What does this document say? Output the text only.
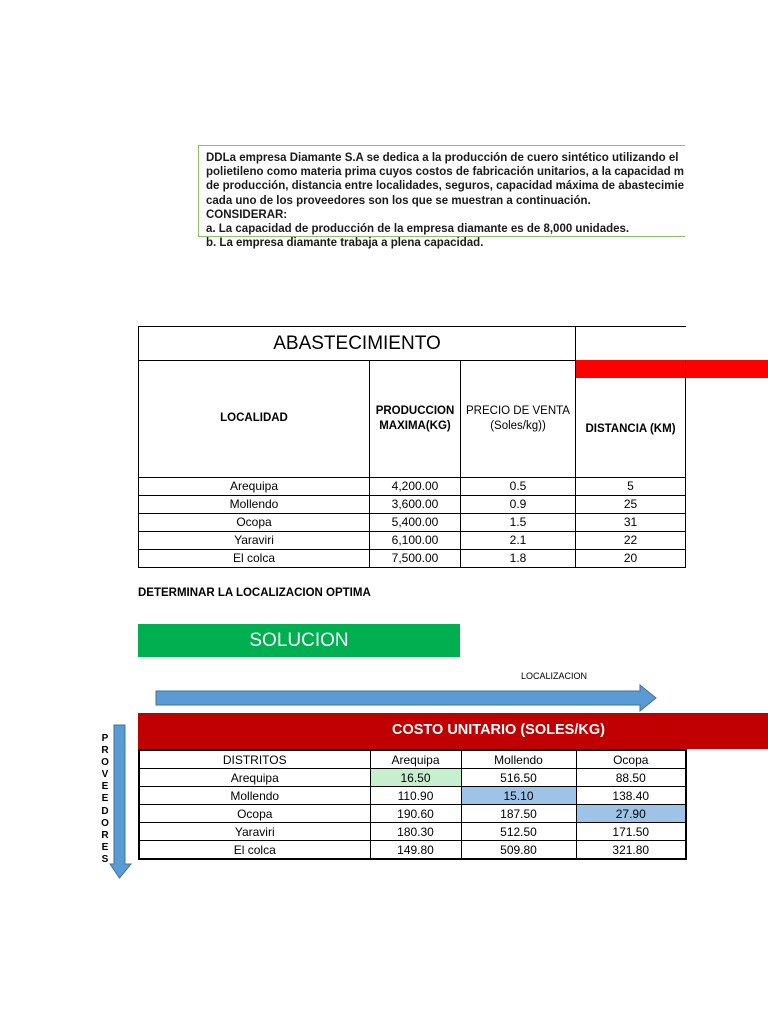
DDLa empresa Diamante S.A se dedica a la producción de cuero sintético utilizando el
polietileno como materia prima cuyos costos de fabricación unitarios, a la capacidad m
de producción, distancia entre localidades, seguros, capacidad máxima de abastecimie
cada uno de los proveedores son los que se muestran a continuación.
CONSIDERAR:
a. La capacidad de producción de la empresa diamante es de 8,000 unidades.
b. La empresa diamante trabaja a plena capacidad.
ABASTECIMIENTO			
LOCALIDAD	PRODUCCION MAXIMA(KG)	PRECIO DE VENTA (Soles/kg))	DISTANCIA (KM)
Arequipa	4,200.00	0.5	5
Mollendo	3,600.00	0.9	25
Ocopa	5,400.00	1.5	31
Yaraviri	6,100.00	2.1	22
El colca	7,500.00	1.8	20
DETERMINAR LA LOCALIZACION OPTIMA
SOLUCION
LOCALIZACION
P
R
O
V
E
E
D
O
R
E
S
COSTO UNITARIO (SOLES/KG)
DISTRITOS	Arequipa	Mollendo	Ocopa
Arequipa	16.50	516.50	88.50
Mollendo	110.90	15.10	138.40
Ocopa	190.60	187.50	27.90
Yaraviri	180.30	512.50	171.50
El colca	149.80	509.80	321.80
